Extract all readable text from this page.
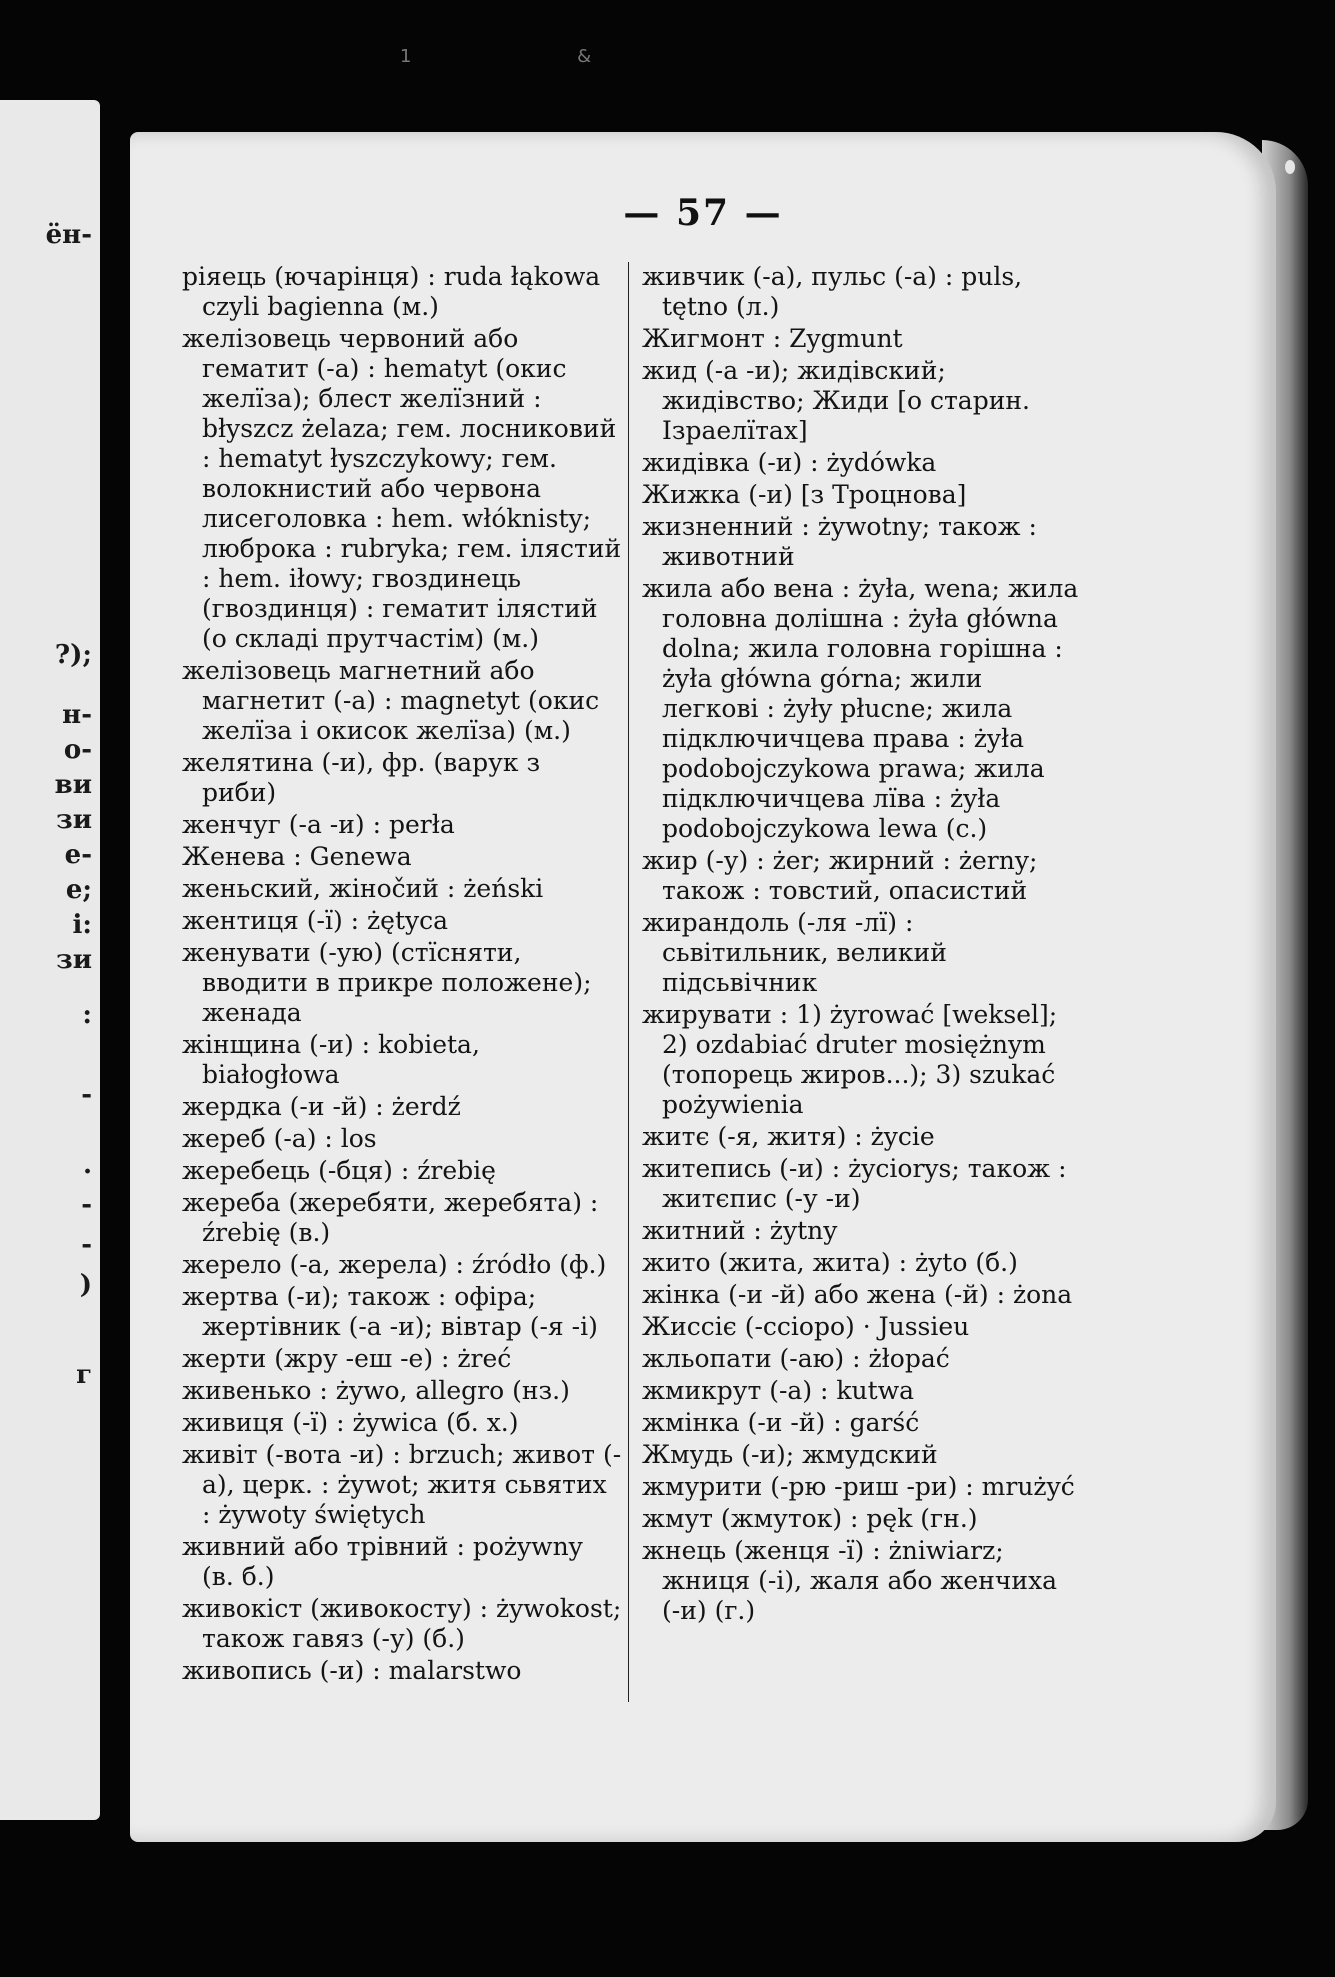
ён-
?);
н-
о-
ви
зи
е-
е;
і:
зи
:
-
.
-
-
)
г
1 &
— 57 —
ріяець (ючарінця) : ruda łąkowa czyli bagienna (м.)
желізовець червоний або гематит (-а) : hematyt (окис желїза); блест желїзний : błyszcz żelaza; гем. лосниковий : hematyt łyszczykowy; гем. волокнистий або червона лисеголовка : hem. włóknisty; люброка : rubryka; гем. ілястий : hem. iłowy; гвоздинець (гвоздинця) : гематит іляcтий (о складі прутчастім) (м.)
желізовець магнетний або магнетит (-а) : magnetyt (окис желїза і окисок желїза) (м.)
желятина (-и), фр. (варук з риби)
женчуг (-а -и) : perła
Женева : Genewa
женьский, жінočий : żeński
жентиця (-ї) : żętyca
женувати (-ую) (стїсняти, вводити в прикре положене); женада
жінщина (-и) : kobieta, białogłowa
жердка (-и -й) : żerdź
жереб (-а) : los
жеребець (-бця) : źrebię
жереба (жеребяти, жеребята) : źrebię (в.)
жерело (-а, жерела) : źródło (ф.)
жертва (-и); також : офіра; жертівник (-а -и); вівтар (-я -і)
жерти (жру -еш -е) : żreć
живенько : żywo, allegro (нз.)
живиця (-ї) : żywica (б. х.)
живіт (-вота -и) : brzuch; живот (-а), церк. : żywot; житя сьвятих : żywoty świętych
живний або трівний : pożywny (в. б.)
живокіст (живокосту) : żywokost; також гавяз (-у) (б.)
живопись (-и) : malarstwo
живчик (-а), пульс (-а) : puls, tętno (л.)
Жигмонт : Zygmunt
жид (-а -и); жидівский; жидівство; Жиди [о старин. Ізраелїтах]
жидівка (-и) : żydówka
Жижка (-и) [з Троцнова]
жизненний : żywotny; також : животний
жила або вена : żyła, wena; жила головна долішна : żyła główna dolna; жила головна горішна : żyła główna górna; жили легкові : żyły płucne; жила підключичцева права : żyła podobojczykowa prawa; жила підключичцева лїва : żyła podobojczykowa lewa (с.)
жир (-у) : żer; жирний : żerny; також : товстий, опасистий
жирандоль (-ля -лї) : сьвітильник, великий підсьвічник
жирувати : 1) żyrować [weksel]; 2) ozdabiać druter mosiężnym (топорець жиров...); 3) szukać pożywienia
житє (-я, житя) : życie
житепись (-и) : życiorys; також : житєпис (-у -и)
житний : żytny
жито (жита, жита) : żyto (б.)
жінка (-и -й) або жена (-й) : żona
Жиссіє (-ссіоро) · Jussieu
жльопати (-аю) : żłopać
жмикрут (-а) : kutwa
жмінка (-и -й) : garść
Жмудь (-и); жмудский
жмурити (-рю -риш -ри) : mrużyć
жмут (жмуток) : pęk (гн.)
жнець (женця -ї) : żniwiarz; жниця (-і), жаля або женчиха (-и) (г.)
